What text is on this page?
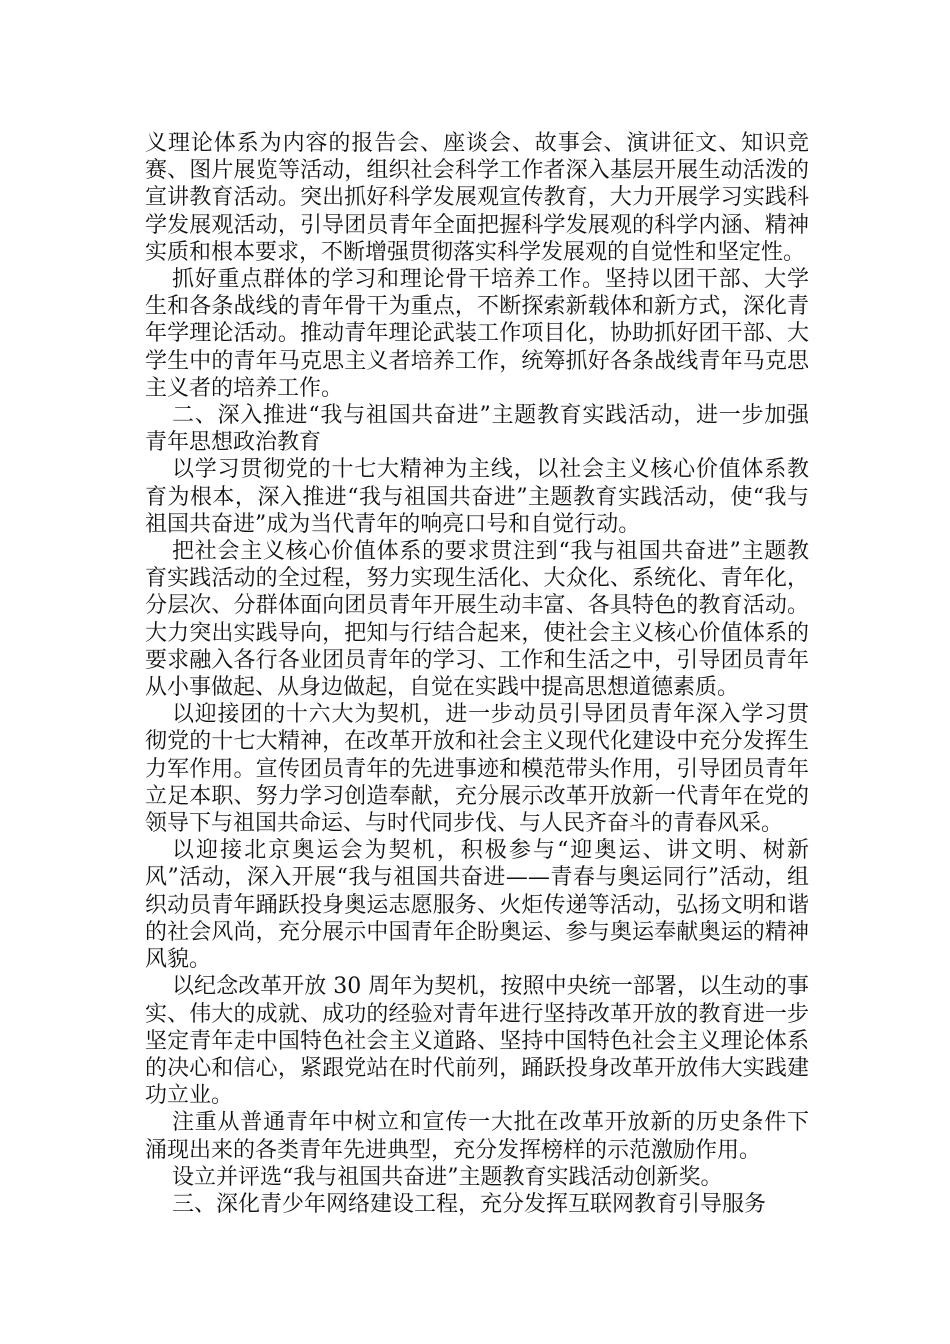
义理论体系为内容的报告会、座谈会、故事会、演讲征文、知识竞赛、图片展览等活动，组织社会科学工作者深入基层开展生动活泼的宣讲教育活动。突出抓好科学发展观宣传教育，大力开展学习实践科学发展观活动，引导团员青年全面把握科学发展观的科学内涵、精神实质和根本要求，不断增强贯彻落实科学发展观的自觉性和坚定性。

抓好重点群体的学习和理论骨干培养工作。坚持以团干部、大学生和各条战线的青年骨干为重点，不断探索新载体和新方式，深化青年学理论活动。推动青年理论武装工作项目化，协助抓好团干部、大学生中的青年马克思主义者培养工作，统筹抓好各条战线青年马克思主义者的培养工作。

二、深入推进“我与祖国共奋进”主题教育实践活动，进一步加强青年思想政治教育

以学习贯彻党的十七大精神为主线，以社会主义核心价值体系教育为根本，深入推进“我与祖国共奋进”主题教育实践活动，使“我与祖国共奋进”成为当代青年的响亮口号和自觉行动。

把社会主义核心价值体系的要求贯注到“我与祖国共奋进”主题教育实践活动的全过程，努力实现生活化、大众化、系统化、青年化，分层次、分群体面向团员青年开展生动丰富、各具特色的教育活动。大力突出实践导向，把知与行结合起来，使社会主义核心价值体系的要求融入各行各业团员青年的学习、工作和生活之中，引导团员青年从小事做起、从身边做起，自觉在实践中提高思想道德素质。

以迎接团的十六大为契机，进一步动员引导团员青年深入学习贯彻党的十七大精神，在改革开放和社会主义现代化建设中充分发挥生力军作用。宣传团员青年的先进事迹和模范带头作用，引导团员青年立足本职、努力学习创造奉献，充分展示改革开放新一代青年在党的领导下与祖国共命运、与时代同步伐、与人民齐奋斗的青春风采。

以迎接北京奥运会为契机，积极参与“迎奥运、讲文明、树新风”活动，深入开展“我与祖国共奋进——青春与奥运同行”活动，组织动员青年踊跃投身奥运志愿服务、火炬传递等活动，弘扬文明和谐的社会风尚，充分展示中国青年企盼奥运、参与奥运奉献奥运的精神风貌。

以纪念改革开放 30 周年为契机，按照中央统一部署，以生动的事实、伟大的成就、成功的经验对青年进行坚持改革开放的教育进一步坚定青年走中国特色社会主义道路、坚持中国特色社会主义理论体系的决心和信心，紧跟党站在时代前列，踊跃投身改革开放伟大实践建功立业。

注重从普通青年中树立和宣传一大批在改革开放新的历史条件下涌现出来的各类青年先进典型，充分发挥榜样的示范激励作用。

设立并评选“我与祖国共奋进”主题教育实践活动创新奖。

三、深化青少年网络建设工程，充分发挥互联网教育引导服务
